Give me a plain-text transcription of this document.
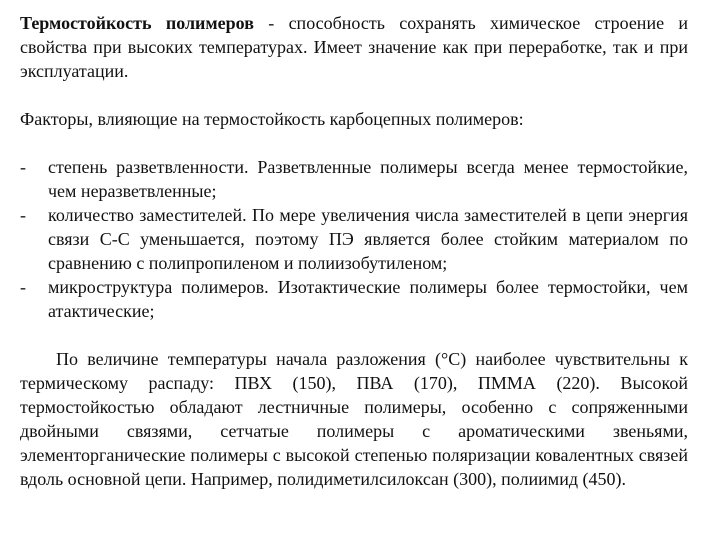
Термостойкость полимеров - способность сохранять химическое строение и свойства при высоких температурах. Имеет значение как при переработке, так и при эксплуатации.

Факторы, влияющие на термостойкость карбоцепных полимеров:

- степень разветвленности. Разветвленные полимеры всегда менее термостойкие, чем неразветвленные;
- количество заместителей. По мере увеличения числа заместителей в цепи энергия связи С-С уменьшается, поэтому ПЭ является более стойким материалом по сравнению с полипропиленом и полиизобутиленом;
- микроструктура полимеров. Изотактические полимеры более термостойки, чем атактические;

По величине температуры начала разложения (°С) наиболее чувствительны к термическому распаду: ПВХ (150), ПВА (170), ПММА (220). Высокой термостойкостью обладают лестничные полимеры, особенно с сопряженными двойными связями, сетчатые полимеры с ароматическими звеньями, элементорганические полимеры с высокой степенью поляризации ковалентных связей вдоль основной цепи. Например, полидиметилсилоксан (300), полиимид (450).
